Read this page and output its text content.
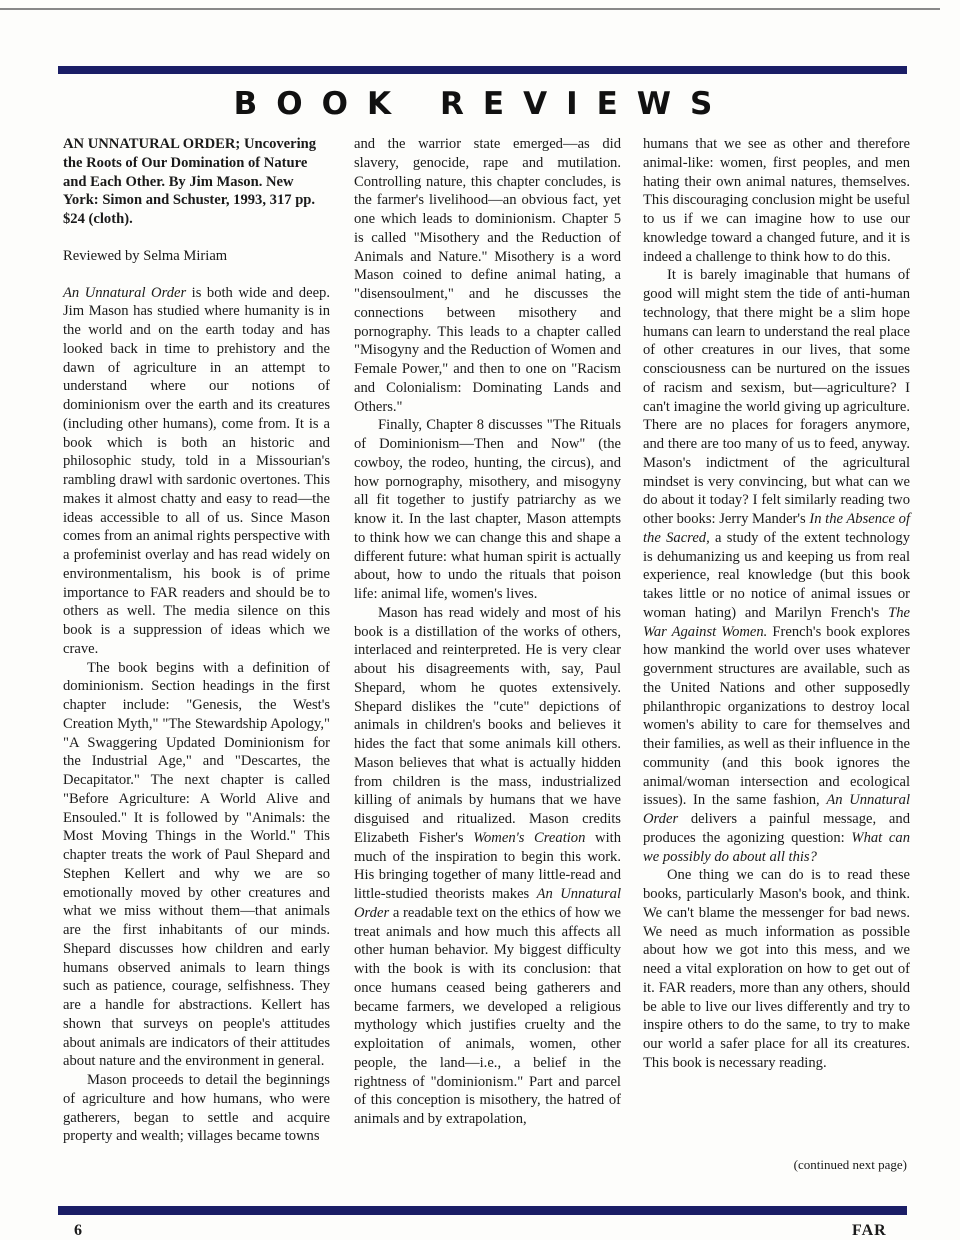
BOOK REVIEWS

AN UNNATURAL ORDER; Uncovering the Roots of Our Domination of Nature and Each Other. By Jim Mason. New York: Simon and Schuster, 1993, 317 pp. $24 (cloth).

Reviewed by Selma Miriam

An Unnatural Order is both wide and deep. Jim Mason has studied where humanity is in the world and on the earth today and has looked back in time to prehistory and the dawn of agriculture in an attempt to understand where our notions of dominionism over the earth and its creatures (including other humans), come from. It is a book which is both an historic and philosophic study, told in a Missourian's rambling drawl with sardonic overtones. This makes it almost chatty and easy to read—the ideas accessible to all of us. Since Mason comes from an animal rights perspective with a profeminist overlay and has read widely on environmentalism, his book is of prime importance to FAR readers and should be to others as well. The media silence on this book is a suppression of ideas which we crave.

The book begins with a definition of dominionism. Section headings in the first chapter include: "Genesis, the West's Creation Myth," "The Stewardship Apology," "A Swaggering Updated Dominionism for the Industrial Age," and "Descartes, the Decapitator." The next chapter is called "Before Agriculture: A World Alive and Ensouled." It is followed by "Animals: the Most Moving Things in the World." This chapter treats the work of Paul Shepard and Stephen Kellert and why we are so emotionally moved by other creatures and what we miss without them—that animals are the first inhabitants of our minds. Shepard discusses how children and early humans observed animals to learn things such as patience, courage, selfishness. They are a handle for abstractions. Kellert has shown that surveys on people's attitudes about animals are indicators of their attitudes about nature and the environment in general.

Mason proceeds to detail the beginnings of agriculture and how humans, who were gatherers, began to settle and acquire property and wealth; villages became towns

and the warrior state emerged—as did slavery, genocide, rape and mutilation. Controlling nature, this chapter concludes, is the farmer's livelihood—an obvious fact, yet one which leads to dominionism. Chapter 5 is called "Misothery and the Reduction of Animals and Nature." Misothery is a word Mason coined to define animal hating, a "disensoulment," and he discusses the connections between misothery and pornography. This leads to a chapter called "Misogyny and the Reduction of Women and Female Power," and then to one on "Racism and Colonialism: Dominating Lands and Others."

Finally, Chapter 8 discusses "The Rituals of Dominionism—Then and Now" (the cowboy, the rodeo, hunting, the circus), and how pornography, misothery, and misogyny all fit together to justify patriarchy as we know it. In the last chapter, Mason attempts to think how we can change this and shape a different future: what human spirit is actually about, how to undo the rituals that poison life: animal life, women's lives.

Mason has read widely and most of his book is a distillation of the works of others, interlaced and reinterpreted. He is very clear about his disagreements with, say, Paul Shepard, whom he quotes extensively. Shepard dislikes the "cute" depictions of animals in children's books and believes it hides the fact that some animals kill others. Mason believes that what is actually hidden from children is the mass, industrialized killing of animals by humans that we have disguised and ritualized. Mason credits Elizabeth Fisher's Women's Creation with much of the inspiration to begin this work. His bringing together of many little-read and little-studied theorists makes An Unnatural Order a readable text on the ethics of how we treat animals and how much this affects all other human behavior. My biggest difficulty with the book is with its conclusion: that once humans ceased being gatherers and became farmers, we developed a religious mythology which justifies cruelty and the exploitation of animals, women, other people, the land—i.e., a belief in the rightness of "dominionism." Part and parcel of this conception is misothery, the hatred of animals and by extrapolation,

humans that we see as other and therefore animal-like: women, first peoples, and men hating their own animal natures, themselves. This discouraging conclusion might be useful to us if we can imagine how to use our knowledge toward a changed future, and it is indeed a challenge to think how to do this.

It is barely imaginable that humans of good will might stem the tide of anti-human technology, that there might be a slim hope humans can learn to understand the real place of other creatures in our lives, that some consciousness can be nurtured on the issues of racism and sexism, but—agriculture? I can't imagine the world giving up agriculture. There are no places for foragers anymore, and there are too many of us to feed, anyway. Mason's indictment of the agricultural mindset is very convincing, but what can we do about it today? I felt similarly reading two other books: Jerry Mander's In the Absence of the Sacred, a study of the extent technology is dehumanizing us and keeping us from real experience, real knowledge (but this book takes little or no notice of animal issues or woman hating) and Marilyn French's The War Against Women. French's book explores how mankind the world over uses whatever government structures are available, such as the United Nations and other supposedly philanthropic organizations to destroy local women's ability to care for themselves and their families, as well as their influence in the community (and this book ignores the animal/woman intersection and ecological issues). In the same fashion, An Unnatural Order delivers a painful message, and produces the agonizing question: What can we possibly do about all this?

One thing we can do is to read these books, particularly Mason's book, and think. We can't blame the messenger for bad news. We need as much information as possible about how we got into this mess, and we need a vital exploration on how to get out of it. FAR readers, more than any others, should be able to live our lives differently and try to inspire others to do the same, to try to make our world a safer place for all its creatures. This book is necessary reading.

(continued next page)
6	FAR
